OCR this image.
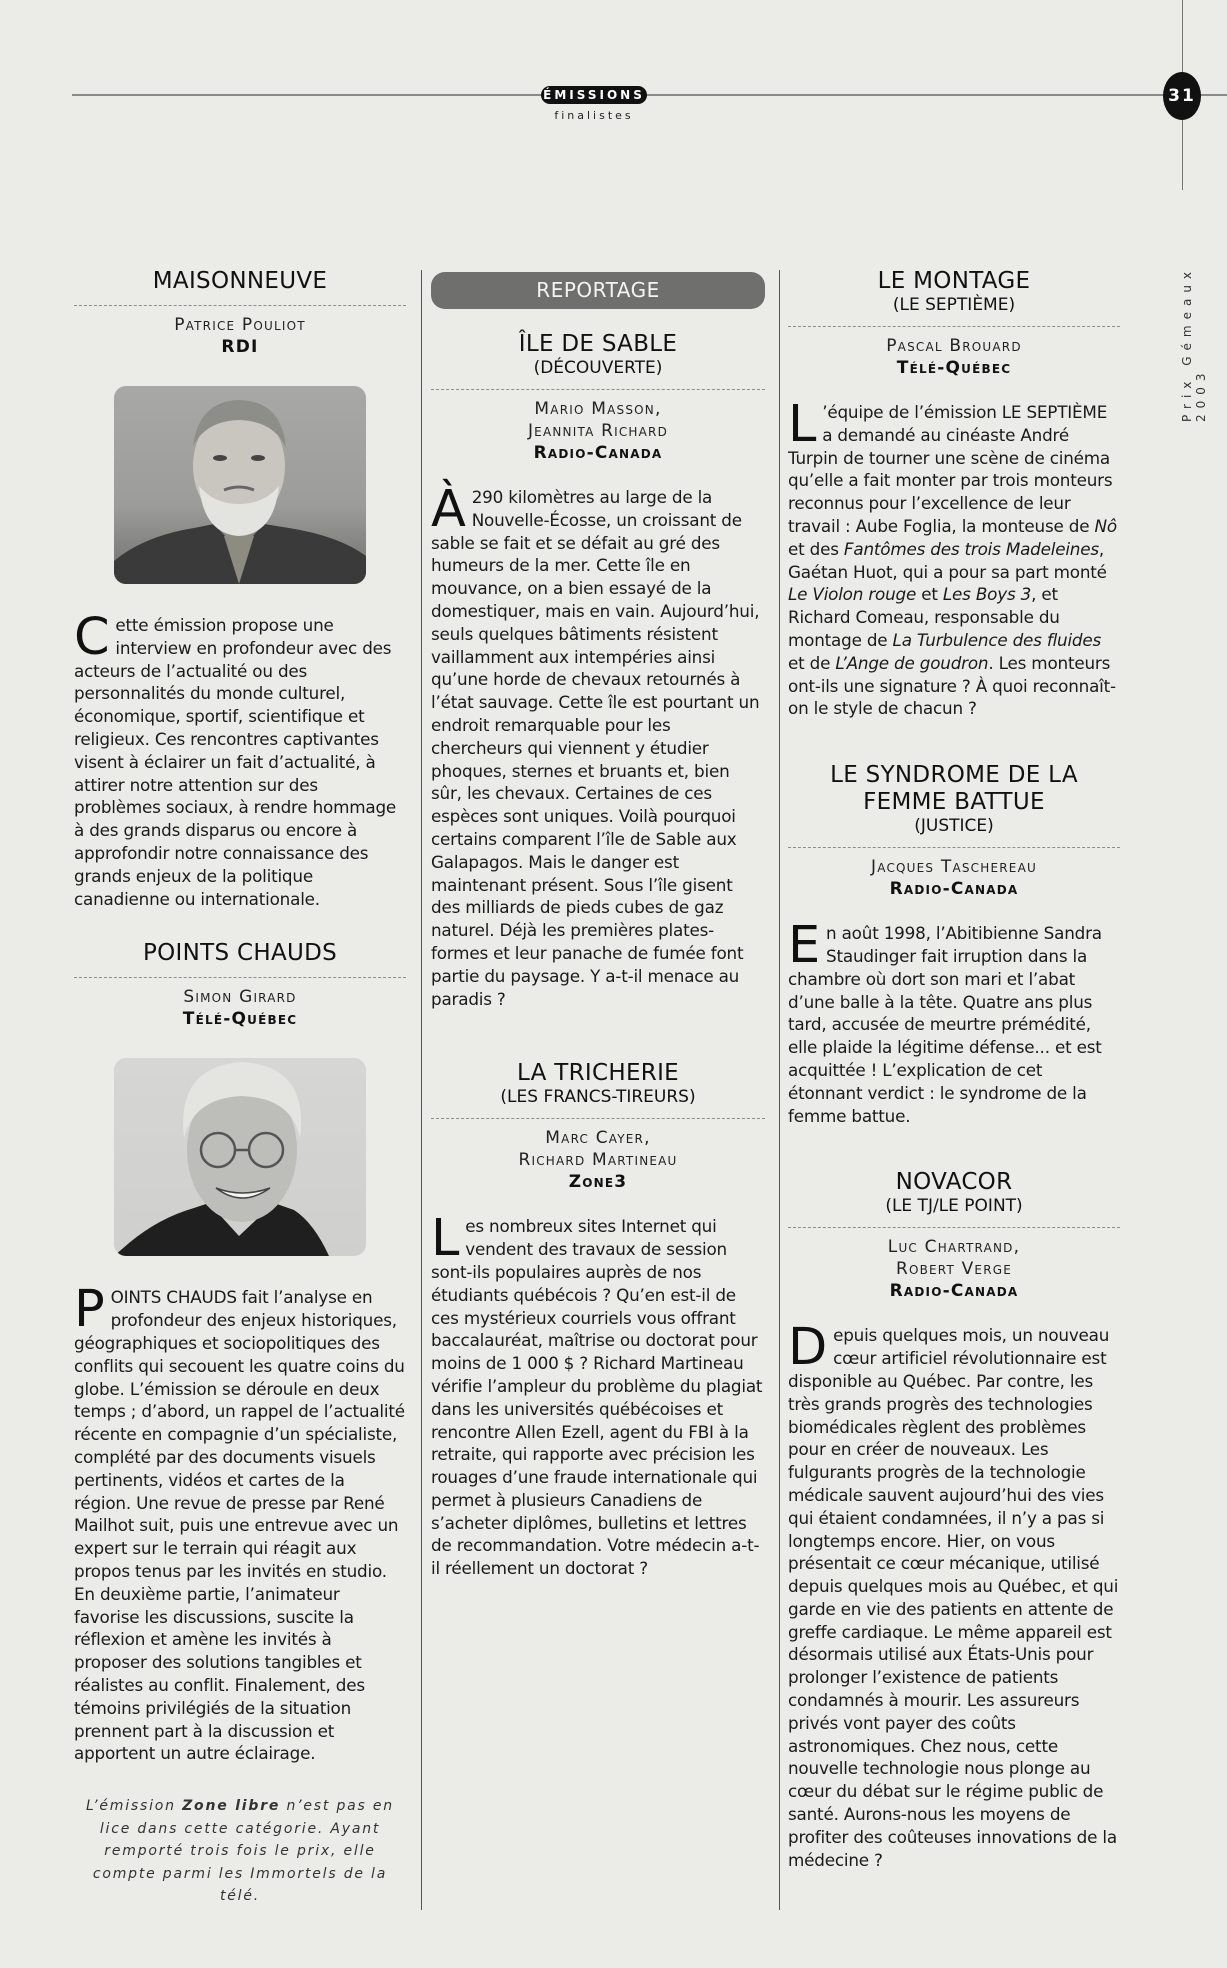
ÉMISSIONS
finalistes
31
Prix Gémeaux 2003
MAISONNEUVE
Patrice Pouliot
RDI
Cette émission propose une interview en profondeur avec des acteurs de l’actualité ou des personnalités du monde culturel, économique, sportif, scientifique et religieux. Ces rencontres captivantes visent à éclairer un fait d’actualité, à attirer notre attention sur des problèmes sociaux, à rendre hommage à des grands disparus ou encore à approfondir notre connaissance des grands enjeux de la politique canadienne ou internationale.
POINTS CHAUDS
Simon Girard
Télé-Québec
POINTS CHAUDS fait l’analyse en profondeur des enjeux historiques, géographiques et sociopolitiques des conflits qui secouent les quatre coins du globe. L’émission se déroule en deux temps ; d’abord, un rappel de l’actualité récente en compagnie d’un spécialiste, complété par des documents visuels pertinents, vidéos et cartes de la région. Une revue de presse par René Mailhot suit, puis une entrevue avec un expert sur le terrain qui réagit aux propos tenus par les invités en studio. En deuxième partie, l’animateur favorise les discussions, suscite la réflexion et amène les invités à proposer des solutions tangibles et réalistes au conflit. Finalement, des témoins privilégiés de la situation prennent part à la discussion et apportent un autre éclairage.
L’émission Zone libre n’est pas en lice dans cette catégorie. Ayant remporté trois fois le prix, elle compte parmi les Immortels de la télé.
REPORTAGE
ÎLE DE SABLE
(DÉCOUVERTE)
Mario Masson,
Jeannita Richard
Radio-Canada
À 290 kilomètres au large de la Nouvelle-Écosse, un croissant de sable se fait et se défait au gré des humeurs de la mer. Cette île en mouvance, on a bien essayé de la domestiquer, mais en vain. Aujourd’hui, seuls quelques bâtiments résistent vaillamment aux intempéries ainsi qu’une horde de chevaux retournés à l’état sauvage. Cette île est pourtant un endroit remarquable pour les chercheurs qui viennent y étudier phoques, sternes et bruants et, bien sûr, les chevaux. Certaines de ces espèces sont uniques. Voilà pourquoi certains comparent l’île de Sable aux Galapagos. Mais le danger est maintenant présent. Sous l’île gisent des milliards de pieds cubes de gaz naturel. Déjà les premières plates-formes et leur panache de fumée font partie du paysage. Y a-t-il menace au paradis ?
LA TRICHERIE
(LES FRANCS-TIREURS)
Marc Cayer,
Richard Martineau
Zone3
Les nombreux sites Internet qui vendent des travaux de session sont-ils populaires auprès de nos étudiants québécois ? Qu’en est-il de ces mystérieux courriels vous offrant baccalauréat, maîtrise ou doctorat pour moins de 1 000 $ ? Richard Martineau vérifie l’ampleur du problème du plagiat dans les universités québécoises et rencontre Allen Ezell, agent du FBI à la retraite, qui rapporte avec précision les rouages d’une fraude internationale qui permet à plusieurs Canadiens de s’acheter diplômes, bulletins et lettres de recommandation. Votre médecin a-t-il réellement un doctorat ?
LE MONTAGE
(LE SEPTIÈME)
Pascal Brouard
Télé-Québec
L ’équipe de l’émission LE SEPTIÈME a demandé au cinéaste André Turpin de tourner une scène de cinéma qu’elle a fait monter par trois monteurs reconnus pour l’excellence de leur travail : Aube Foglia, la monteuse de Nô et des Fantômes des trois Madeleines, Gaétan Huot, qui a pour sa part monté Le Violon rouge et Les Boys 3, et Richard Comeau, responsable du montage de La Turbulence des fluides et de L’Ange de goudron. Les monteurs ont-ils une signature ? À quoi reconnaît-on le style de chacun ?
LE SYNDROME DE LA FEMME BATTUE
(JUSTICE)
Jacques Taschereau
Radio-Canada
En août 1998, l’Abitibienne Sandra Staudinger fait irruption dans la chambre où dort son mari et l’abat d’une balle à la tête. Quatre ans plus tard, accusée de meurtre prémédité, elle plaide la légitime défense... et est acquittée ! L’explication de cet étonnant verdict : le syndrome de la femme battue.
NOVACOR
(LE TJ/LE POINT)
Luc Chartrand,
Robert Verge
Radio-Canada
Depuis quelques mois, un nouveau cœur artificiel révolutionnaire est disponible au Québec. Par contre, les très grands progrès des technologies biomédicales règlent des problèmes pour en créer de nouveaux. Les fulgurants progrès de la technologie médicale sauvent aujourd’hui des vies qui étaient condamnées, il n’y a pas si longtemps encore. Hier, on vous présentait ce cœur mécanique, utilisé depuis quelques mois au Québec, et qui garde en vie des patients en attente de greffe cardiaque. Le même appareil est désormais utilisé aux États-Unis pour prolonger l’existence de patients condamnés à mourir. Les assureurs privés vont payer des coûts astronomiques. Chez nous, cette nouvelle technologie nous plonge au cœur du débat sur le régime public de santé. Aurons-nous les moyens de profiter des coûteuses innovations de la médecine ?
